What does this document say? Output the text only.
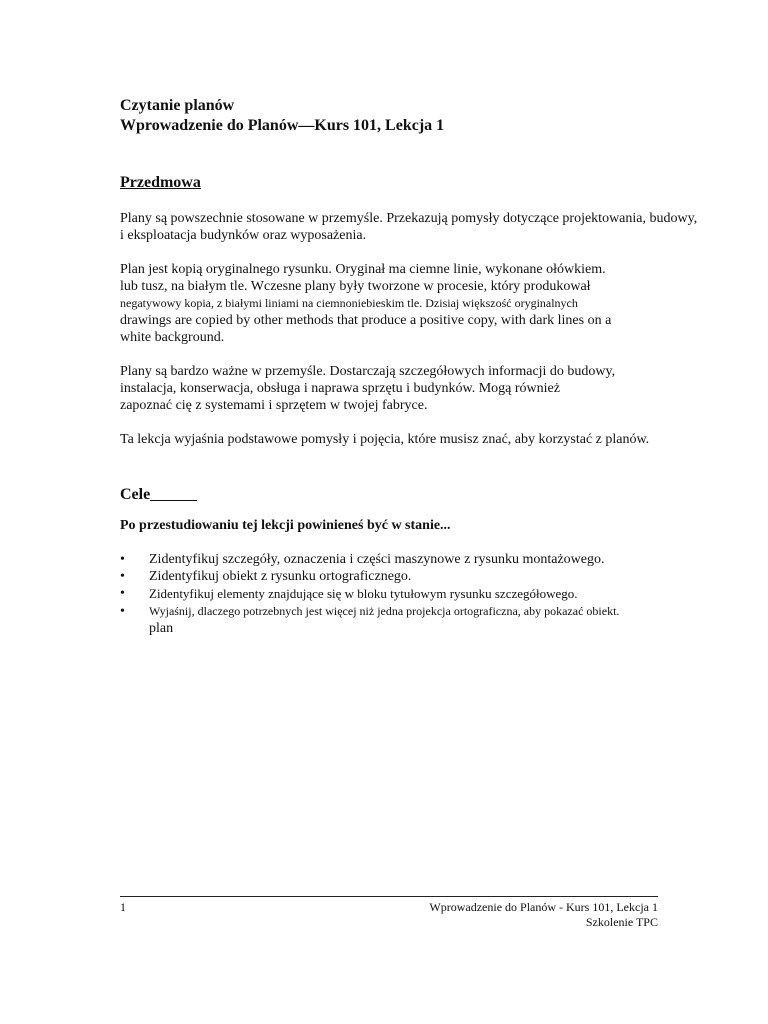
Czytanie planów

Wprowadzenie do Planów—Kurs 101, Lekcja 1

Przedmowa

Plany są powszechnie stosowane w przemyśle. Przekazują pomysły dotyczące projektowania, budowy,
i eksploatacja budynków oraz wyposażenia.

Plan jest kopią oryginalnego rysunku. Oryginał ma ciemne linie, wykonane ołówkiem.
lub tusz, na białym tle. Wczesne plany były tworzone w procesie, który produkował
negatywowy kopia, z białymi liniami na ciemnoniebieskim tle. Dzisiaj większość oryginalnych
drawings are copied by other methods that produce a positive copy, with dark lines on a
white background.

Plany są bardzo ważne w przemyśle. Dostarczają szczegółowych informacji do budowy,
instalacja, konserwacja, obsługa i naprawa sprzętu i budynków. Mogą również
zapoznać cię z systemami i sprzętem w twojej fabryce.

Ta lekcja wyjaśnia podstawowe pomysły i pojęcia, które musisz znać, aby korzystać z planów.

Cele

Po przestudiowaniu tej lekcji powinieneś być w stanie...

• Zidentyfikuj szczegóły, oznaczenia i części maszynowe z rysunku montażowego.
• Zidentyfikuj obiekt z rysunku ortograficznego.
• Zidentyfikuj elementy znajdujące się w bloku tytułowym rysunku szczegółowego.
• Wyjaśnij, dlaczego potrzebnych jest więcej niż jedna projekcja ortograficzna, aby pokazać obiekt.
plan
1	Wprowadzenie do Planów - Kurs 101, Lekcja 1
Szkolenie TPC
